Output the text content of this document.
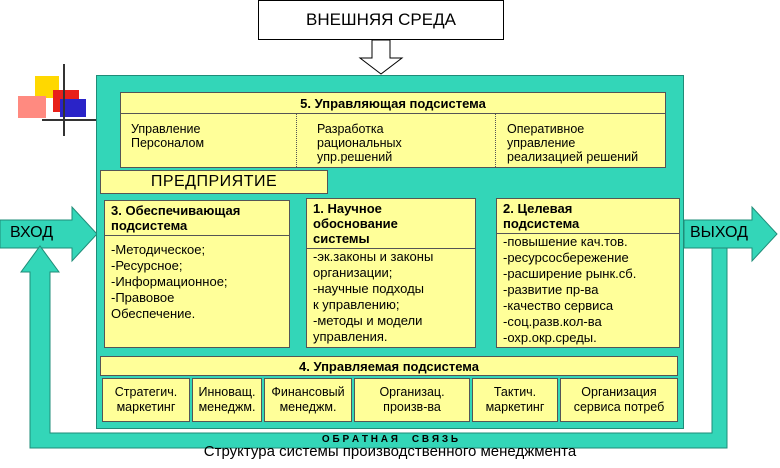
ВНЕШНЯЯ СРЕДА
5. Управляющая подсистема
Управление
Персоналом
Разработка
рациональных
упр.решений
Оперативное
управление
реализацией решений
ПРЕДПРИЯТИЕ
3. Обеспечивающая
подсистема
-Методическое;
-Ресурсное;
-Информационное;
-Правовое
Обеспечение.
1. Научное
обоснование
системы
-эк.законы и законы
организации;
-научные подходы
к управлению;
-методы и модели
управления.
2. Целевая
подсистема
-повышение кач.тов.
-ресурсосбережение
-расширение рынк.сб.
-развитие пр-ва
-качество сервиса
-соц.разв.кол-ва
-охр.окр.среды.
4. Управляемая подсистема
Стратегич.
маркетинг
Инноващ.
менеджм.
Финансовый
менеджм.
Организац.
произв-ва
Тактич.
маркетинг
Организация
сервиса потреб
ВХОД	ВЫХОД
О Б Р А Т Н А Я     С В Я З Ь
Структура системы производственного менеджмента
